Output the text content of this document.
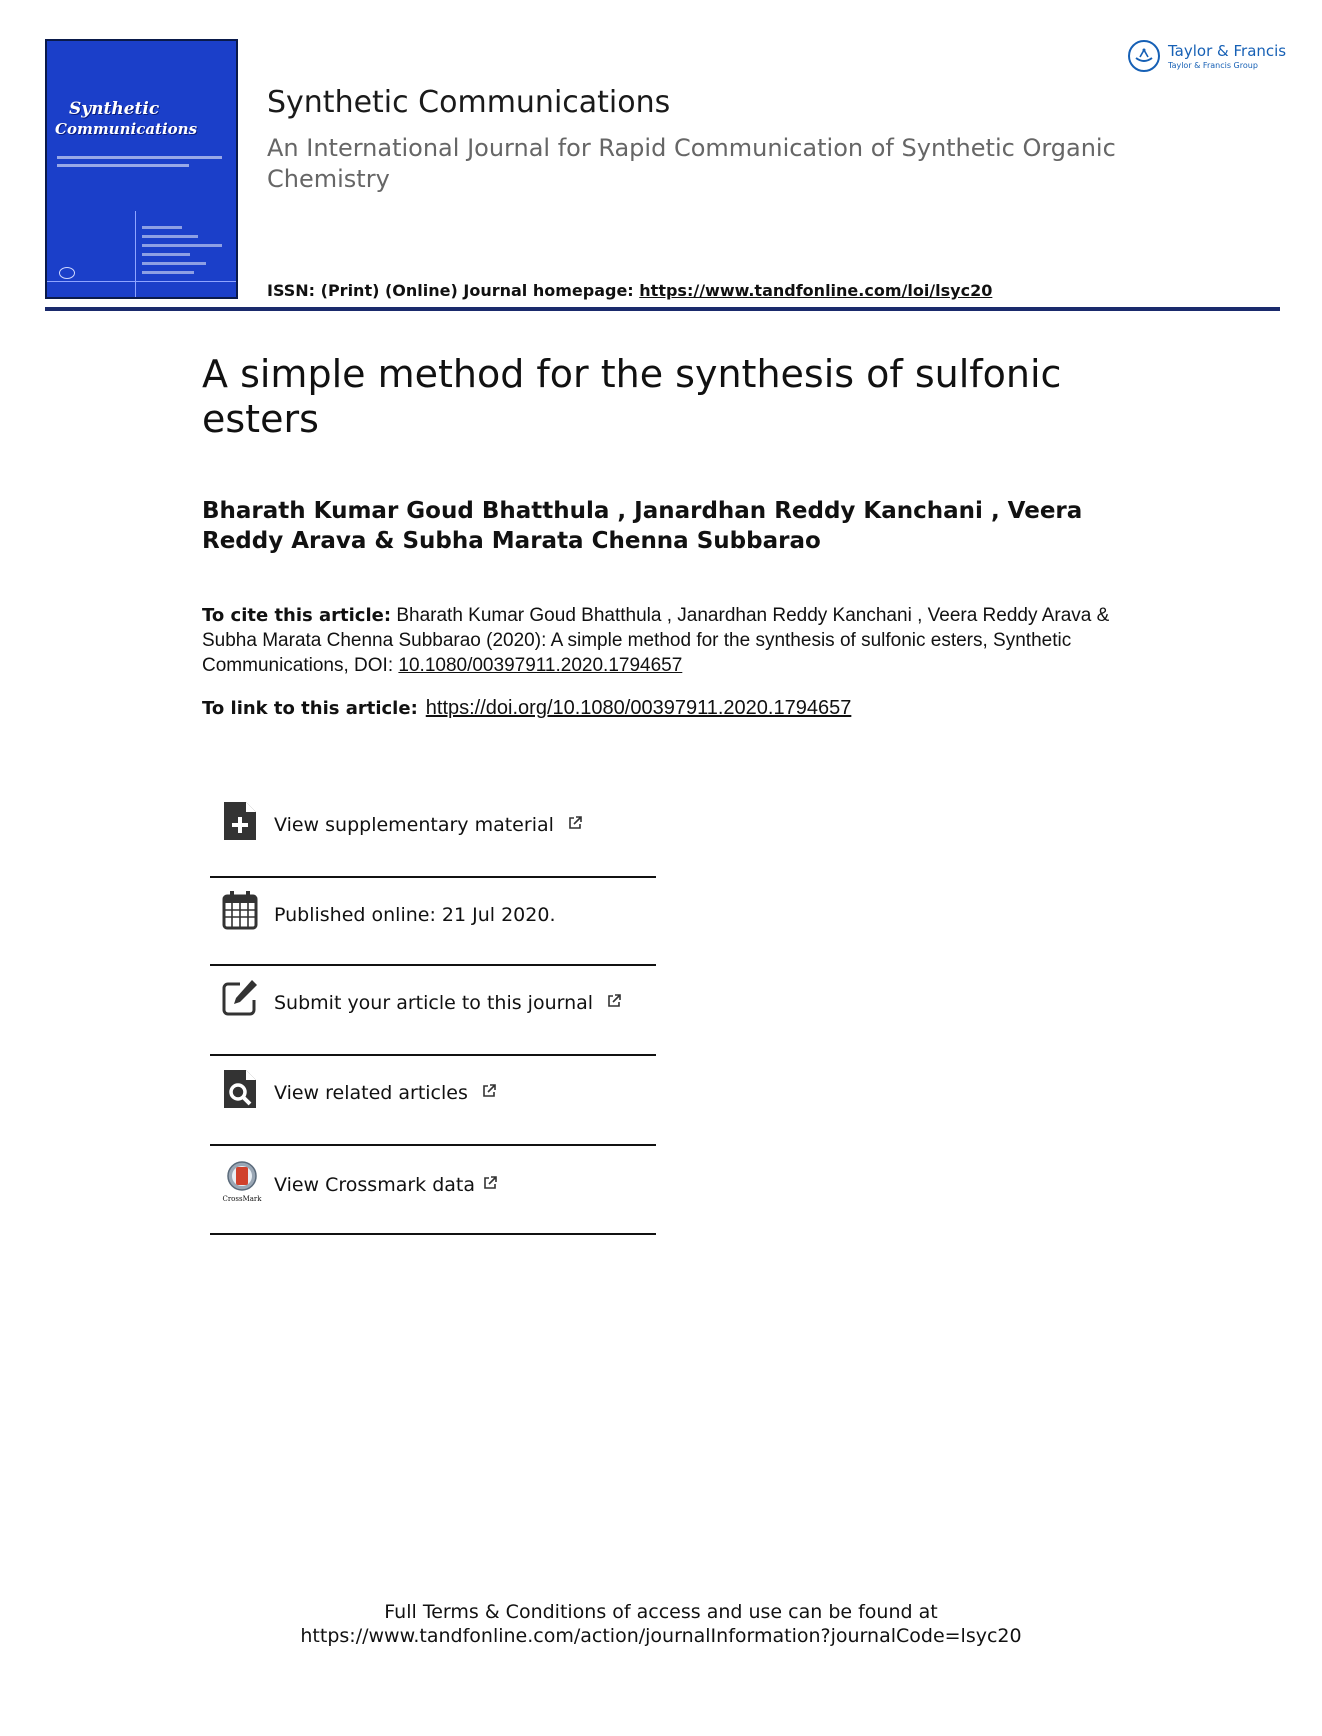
Synthetic
Communications
Synthetic Communications
An International Journal for Rapid Communication of Synthetic Organic Chemistry
ISSN: (Print) (Online) Journal homepage: https://www.tandfonline.com/loi/lsyc20
Taylor & Francis
Taylor & Francis Group
A simple method for the synthesis of sulfonic esters
Bharath Kumar Goud Bhatthula , Janardhan Reddy Kanchani , Veera Reddy Arava & Subha Marata Chenna Subbarao
To cite this article: Bharath Kumar Goud Bhatthula , Janardhan Reddy Kanchani , Veera Reddy Arava & Subha Marata Chenna Subbarao (2020): A simple method for the synthesis of sulfonic esters, Synthetic Communications, DOI: 10.1080/00397911.2020.1794657
To link to this article: https://doi.org/10.1080/00397911.2020.1794657
View supplementary material
Published online: 21 Jul 2020.
Submit your article to this journal
View related articles
CrossMark
View Crossmark data
Full Terms & Conditions of access and use can be found at
https://www.tandfonline.com/action/journalInformation?journalCode=lsyc20
